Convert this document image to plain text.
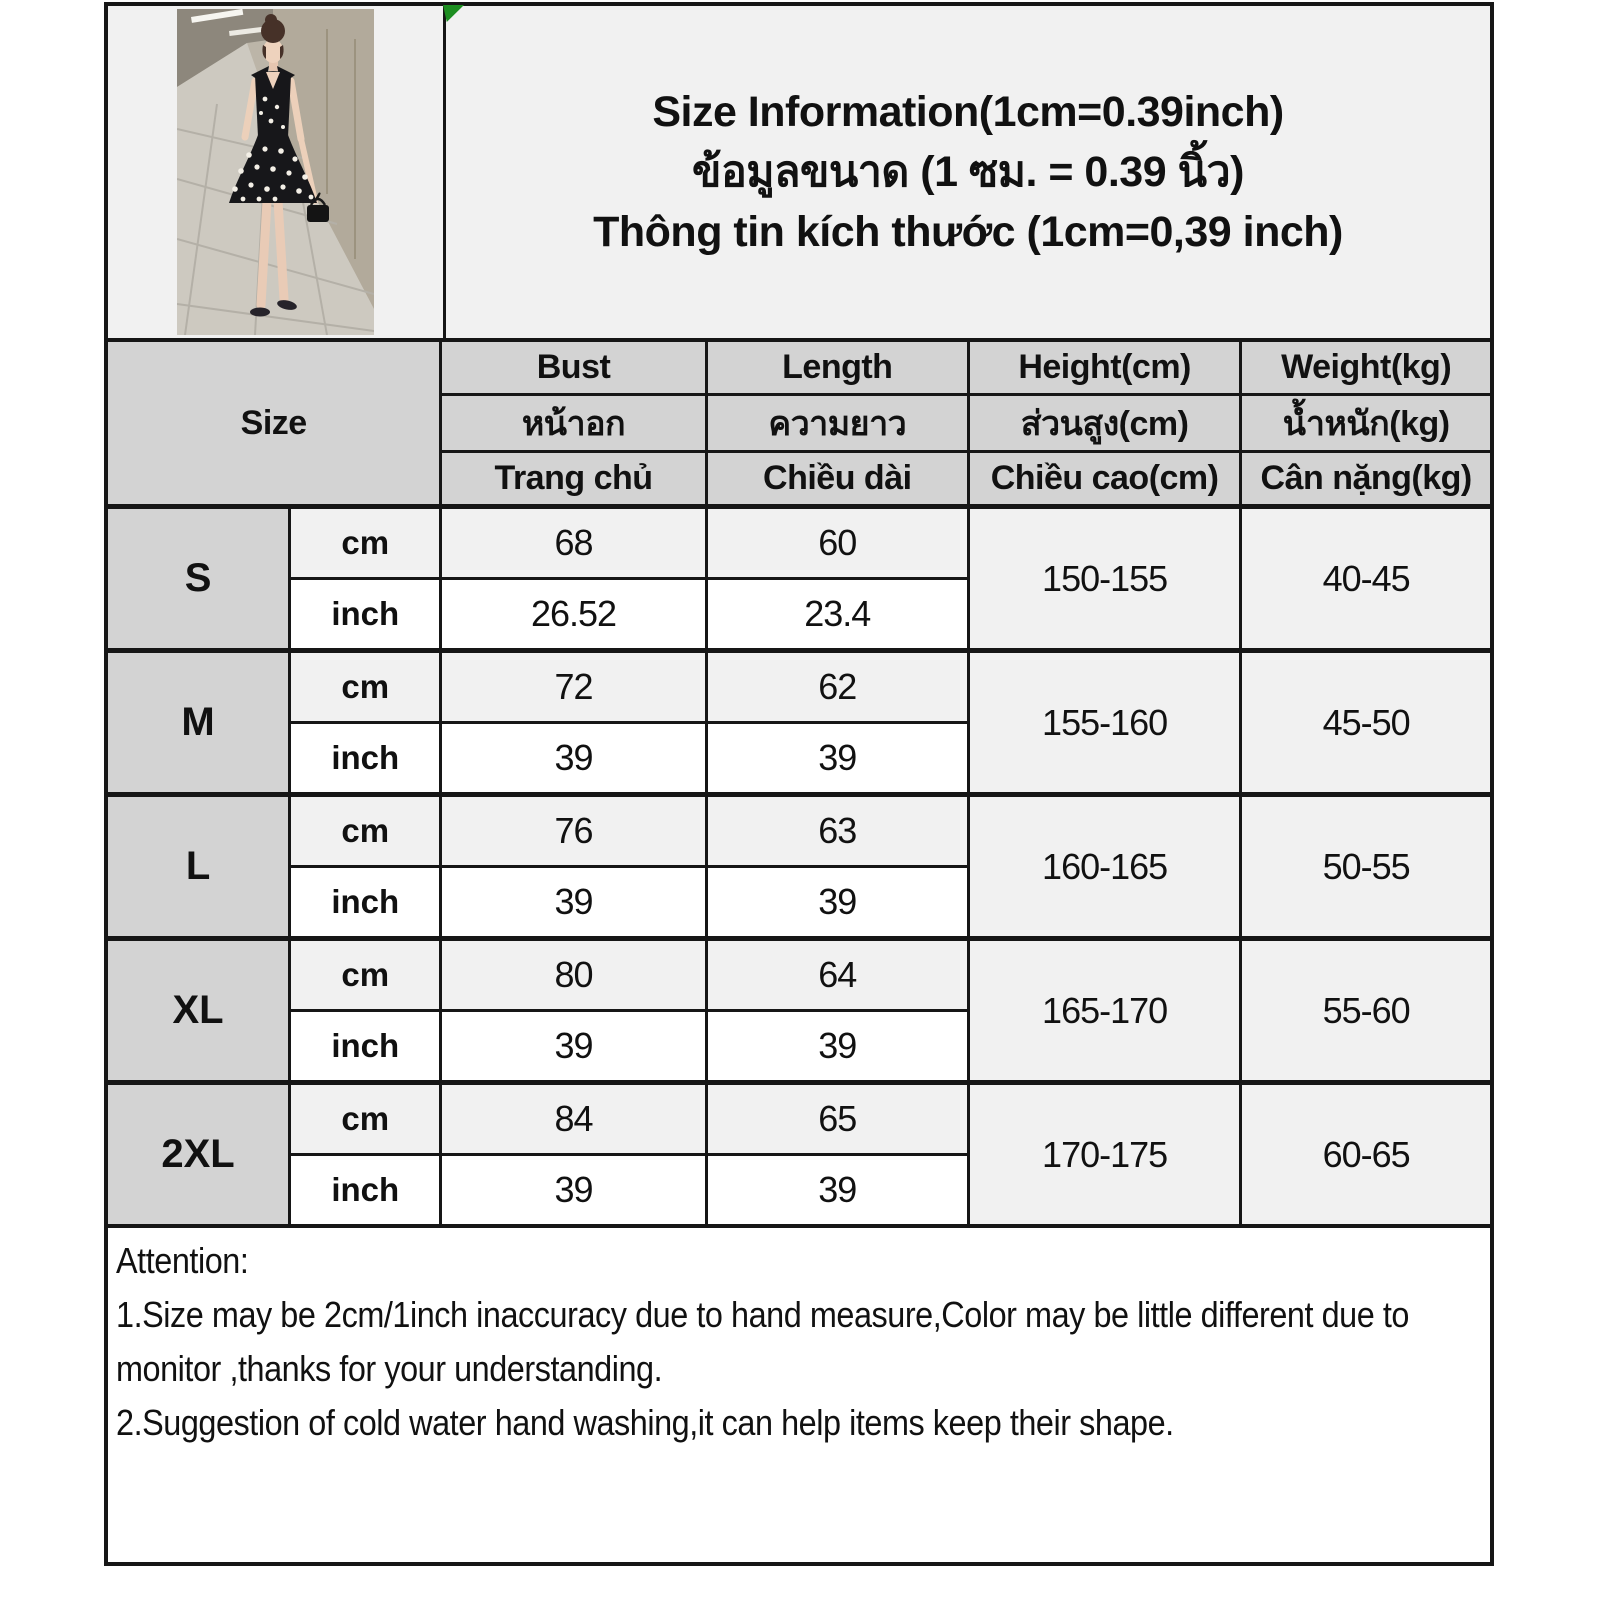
Size Information(1cm=0.39inch)
ข้อมูลขนาด (1 ซม. = 0.39 นิ้ว)
Thông tin kích thước (1cm=0,39 inch)
Size		Bust	Length	Height(cm)	Weight(kg)
		หน้าอก	ความยาว	ส่วนสูง(cm)	น้ำหนัก(kg)
		Trang chủ	Chiều dài	Chiều cao(cm)	Cân nặng(kg)
S	cm	68	60	150-155	40-45
	inch	26.52	23.4		
M	cm	72	62	155-160	45-50
	inch	39	39		
L	cm	76	63	160-165	50-55
	inch	39	39		
XL	cm	80	64	165-170	55-60
	inch	39	39		
2XL	cm	84	65	170-175	60-65
	inch	39	39		
Attention:
1.Size may be 2cm/1inch inaccuracy due to hand measure,Color may be little different due to monitor ,thanks for your understanding.
2.Suggestion of cold water hand washing,it can help items keep their shape.
